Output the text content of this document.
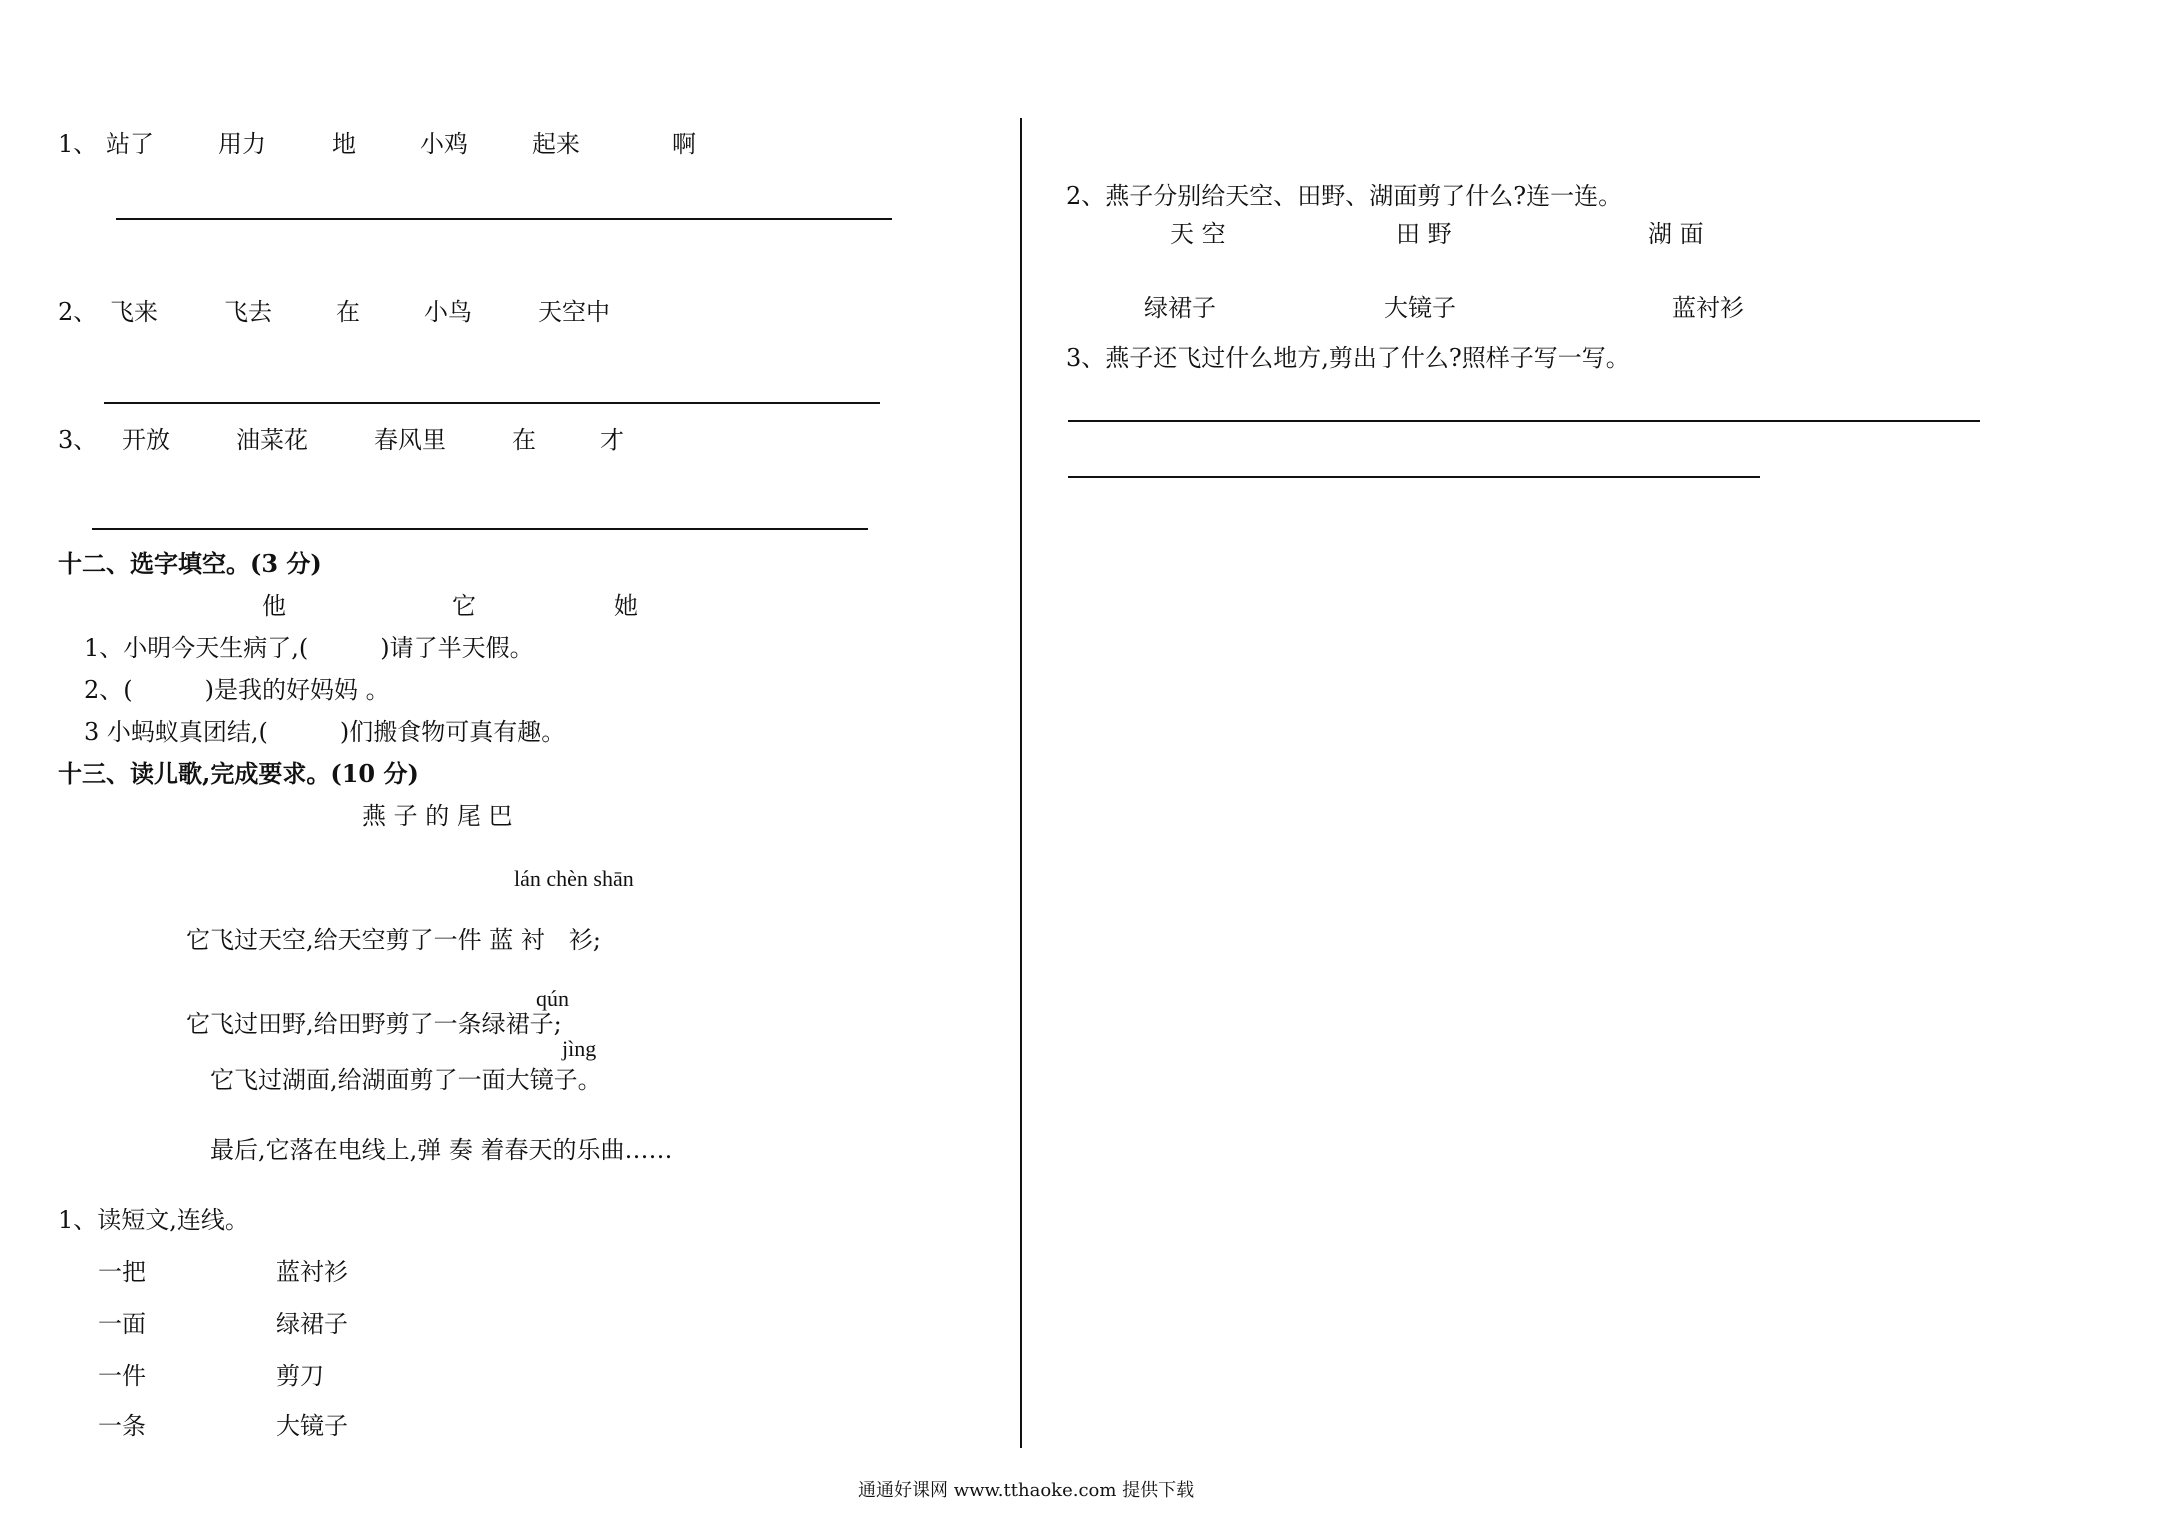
1、 站了	用力	地	小鸡	起来	啊
2、 飞来	飞去	在	小鸟	天空中
3、 开放	油菜花	春风里	在	才
十二、选字填空。(3 分)
他	它	她
1、小明今天生病了,(　　　)请了半天假。
2、(　　　)是我的好妈妈 。
3 小蚂蚁真团结,(　　　)们搬食物可真有趣。
十三、读儿歌,完成要求。(10 分)
燕 子 的 尾 巴
lán chèn shān
它飞过天空,给天空剪了一件 蓝 衬　衫;
qún
它飞过田野,给田野剪了一条绿裙子;
jìng
它飞过湖面,给湖面剪了一面大镜子。
最后,它落在电线上,弹 奏 着春天的乐曲……
1、读短文,连线。
一把	蓝衬衫
一面	绿裙子
一件	剪刀
一条	大镜子
2、燕子分别给天空、田野、湖面剪了什么?连一连。
天 空	田 野	湖 面
绿裙子	大镜子	蓝衬衫
3、燕子还飞过什么地方,剪出了什么?照样子写一写。
通通好课网 www.tthaoke.com 提供下载
